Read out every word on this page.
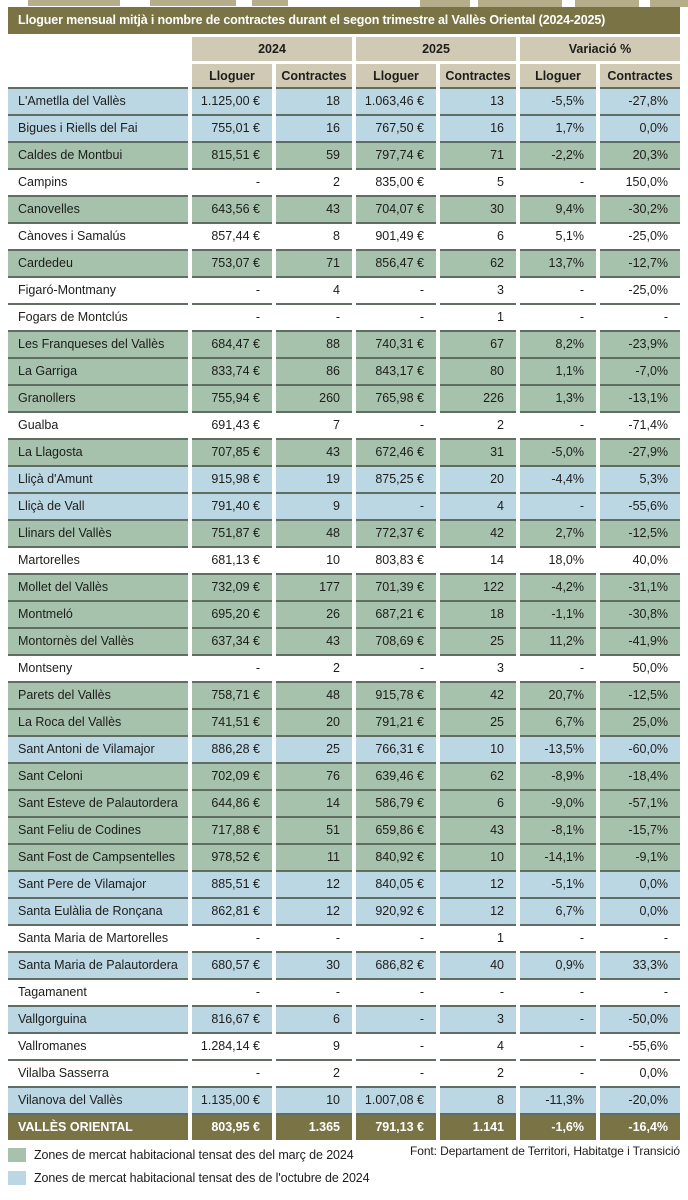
Lloguer mensual mitjà i nombre de contractes durant el segon trimestre al Vallès Oriental (2024-2025)
	2024		2025		Variació %	
	Lloguer	Contractes	Lloguer	Contractes	Lloguer	Contractes
L'Ametlla del Vallès	1.125,00 €	18	1.063,46 €	13	-5,5%	-27,8%
Bigues i Riells del Fai	755,01 €	16	767,50 €	16	1,7%	0,0%
Caldes de Montbui	815,51 €	59	797,74 €	71	-2,2%	20,3%
Campins	-	2	835,00 €	5	-	150,0%
Canovelles	643,56 €	43	704,07 €	30	9,4%	-30,2%
Cànoves i Samalús	857,44 €	8	901,49 €	6	5,1%	-25,0%
Cardedeu	753,07 €	71	856,47 €	62	13,7%	-12,7%
Figaró-Montmany	-	4	-	3	-	-25,0%
Fogars de Montclús	-	-	-	1	-	-
Les Franqueses del Vallès	684,47 €	88	740,31 €	67	8,2%	-23,9%
La Garriga	833,74 €	86	843,17 €	80	1,1%	-7,0%
Granollers	755,94 €	260	765,98 €	226	1,3%	-13,1%
Gualba	691,43 €	7	-	2	-	-71,4%
La Llagosta	707,85 €	43	672,46 €	31	-5,0%	-27,9%
Lliçà d'Amunt	915,98 €	19	875,25 €	20	-4,4%	5,3%
Lliçà de Vall	791,40 €	9	-	4	-	-55,6%
Llinars del Vallès	751,87 €	48	772,37 €	42	2,7%	-12,5%
Martorelles	681,13 €	10	803,83 €	14	18,0%	40,0%
Mollet del Vallès	732,09 €	177	701,39 €	122	-4,2%	-31,1%
Montmeló	695,20 €	26	687,21 €	18	-1,1%	-30,8%
Montornès del Vallès	637,34 €	43	708,69 €	25	11,2%	-41,9%
Montseny	-	2	-	3	-	50,0%
Parets del Vallès	758,71 €	48	915,78 €	42	20,7%	-12,5%
La Roca del Vallès	741,51 €	20	791,21 €	25	6,7%	25,0%
Sant Antoni de Vilamajor	886,28 €	25	766,31 €	10	-13,5%	-60,0%
Sant Celoni	702,09 €	76	639,46 €	62	-8,9%	-18,4%
Sant Esteve de Palautordera	644,86 €	14	586,79 €	6	-9,0%	-57,1%
Sant Feliu de Codines	717,88 €	51	659,86 €	43	-8,1%	-15,7%
Sant Fost de Campsentelles	978,52 €	11	840,92 €	10	-14,1%	-9,1%
Sant Pere de Vilamajor	885,51 €	12	840,05 €	12	-5,1%	0,0%
Santa Eulàlia de Ronçana	862,81 €	12	920,92 €	12	6,7%	0,0%
Santa Maria de Martorelles	-	-	-	1	-	-
Santa Maria de Palautordera	680,57 €	30	686,82 €	40	0,9%	33,3%
Tagamanent	-	-	-	-	-	-
Vallgorguina	816,67 €	6	-	3	-	-50,0%
Vallromanes	1.284,14 €	9	-	4	-	-55,6%
Vilalba Sasserra	-	2	-	2	-	0,0%
Vilanova del Vallès	1.135,00 €	10	1.007,08 €	8	-11,3%	-20,0%
VALLÈS ORIENTAL	803,95 €	1.365	791,13 €	1.141	-1,6%	-16,4%
Zones de mercat habitacional tensat des del març de 2024
Zones de mercat habitacional tensat des de l'octubre de 2024
Font: Departament de Territori, Habitatge i Transició
